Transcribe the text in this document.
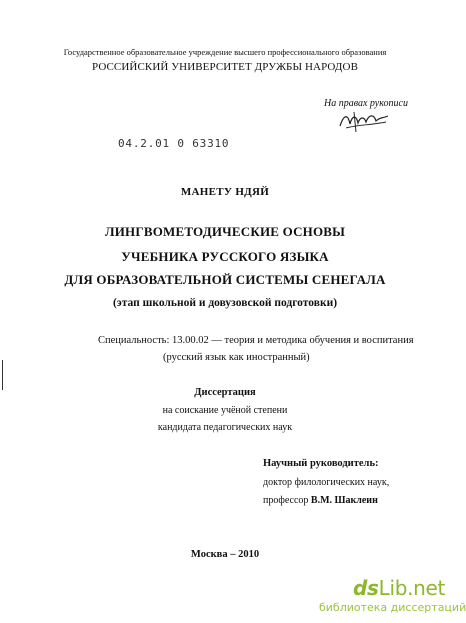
Государственное образовательное учреждение высшего профессионального образования
РОССИЙСКИЙ УНИВЕРСИТЕТ ДРУЖБЫ НАРОДОВ
На правах рукописи
04.2.01 0 63310
МАНЕТУ НДЯЙ
ЛИНГВОМЕТОДИЧЕСКИЕ ОСНОВЫ
УЧЕБНИКА РУССКОГО ЯЗЫКА
ДЛЯ ОБРАЗОВАТЕЛЬНОЙ СИСТЕМЫ СЕНЕГАЛА
(этап школьной и довузовской подготовки)
Специальность: 13.00.02 — теория и методика обучения и воспитания
(русский язык как иностранный)
Диссертация
на соискание учёной степени
кандидата педагогических наук
Научный руководитель:
доктор филологических наук,
профессор В.М. Шаклеин
Москва – 2010
dsLib.net
библиотека диссертаций
